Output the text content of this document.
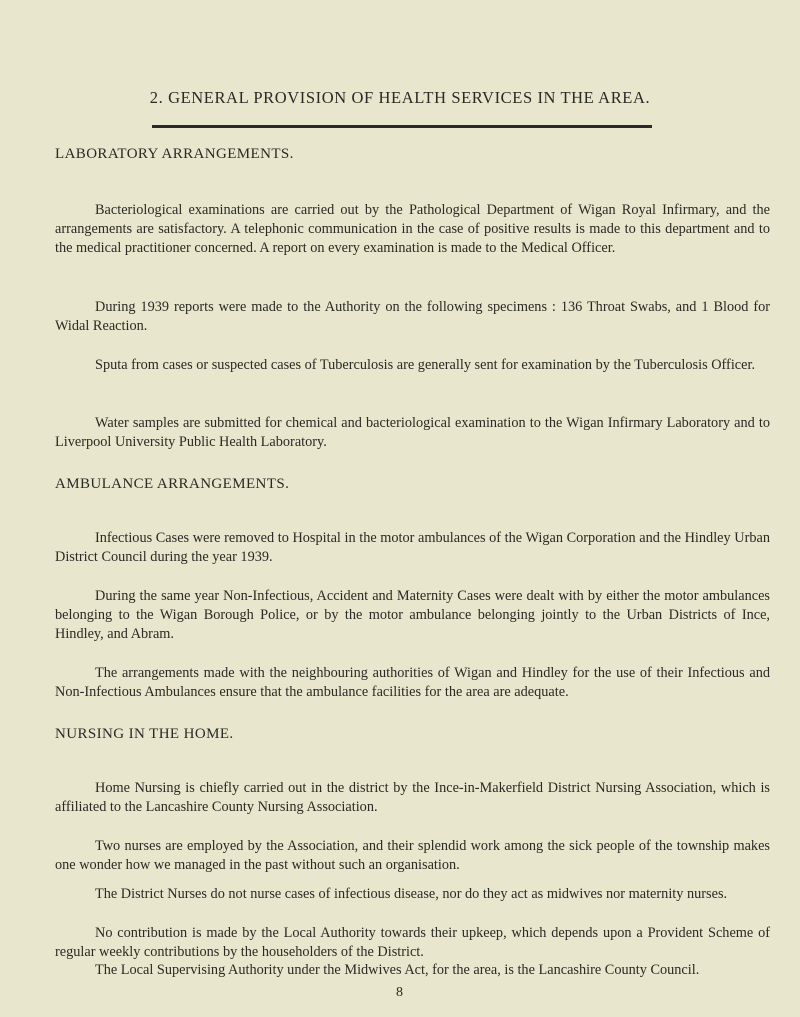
2. GENERAL PROVISION OF HEALTH SERVICES IN THE AREA.
LABORATORY ARRANGEMENTS.

Bacteriological examinations are carried out by the Pathological Department of Wigan Royal Infirmary, and the arrangements are satisfactory. A telephonic communication in the case of positive results is made to this department and to the medical practitioner concerned. A report on every examination is made to the Medical Officer.

During 1939 reports were made to the Authority on the following specimens : 136 Throat Swabs, and 1 Blood for Widal Reaction.

Sputa from cases or suspected cases of Tuberculosis are generally sent for examination by the Tuberculosis Officer.

Water samples are submitted for chemical and bacteriological examination to the Wigan Infirmary Laboratory and to Liverpool University Public Health Laboratory.

AMBULANCE ARRANGEMENTS.

Infectious Cases were removed to Hospital in the motor ambulances of the Wigan Corporation and the Hindley Urban District Council during the year 1939.

During the same year Non-Infectious, Accident and Maternity Cases were dealt with by either the motor ambulances belonging to the Wigan Borough Police, or by the motor ambulance belonging jointly to the Urban Districts of Ince, Hindley, and Abram.

The arrangements made with the neighbouring authorities of Wigan and Hindley for the use of their Infectious and Non-Infectious Ambulances ensure that the ambulance facilities for the area are adequate.

NURSING IN THE HOME.

Home Nursing is chiefly carried out in the district by the Ince-in-Makerfield District Nursing Association, which is affiliated to the Lancashire County Nursing Association.

Two nurses are employed by the Association, and their splendid work among the sick people of the township makes one wonder how we managed in the past without such an organisation.

The District Nurses do not nurse cases of infectious disease, nor do they act as midwives nor maternity nurses.

No contribution is made by the Local Authority towards their upkeep, which depends upon a Provident Scheme of regular weekly contributions by the householders of the District.

The Local Supervising Authority under the Midwives Act, for the area, is the Lancashire County Council.

8
